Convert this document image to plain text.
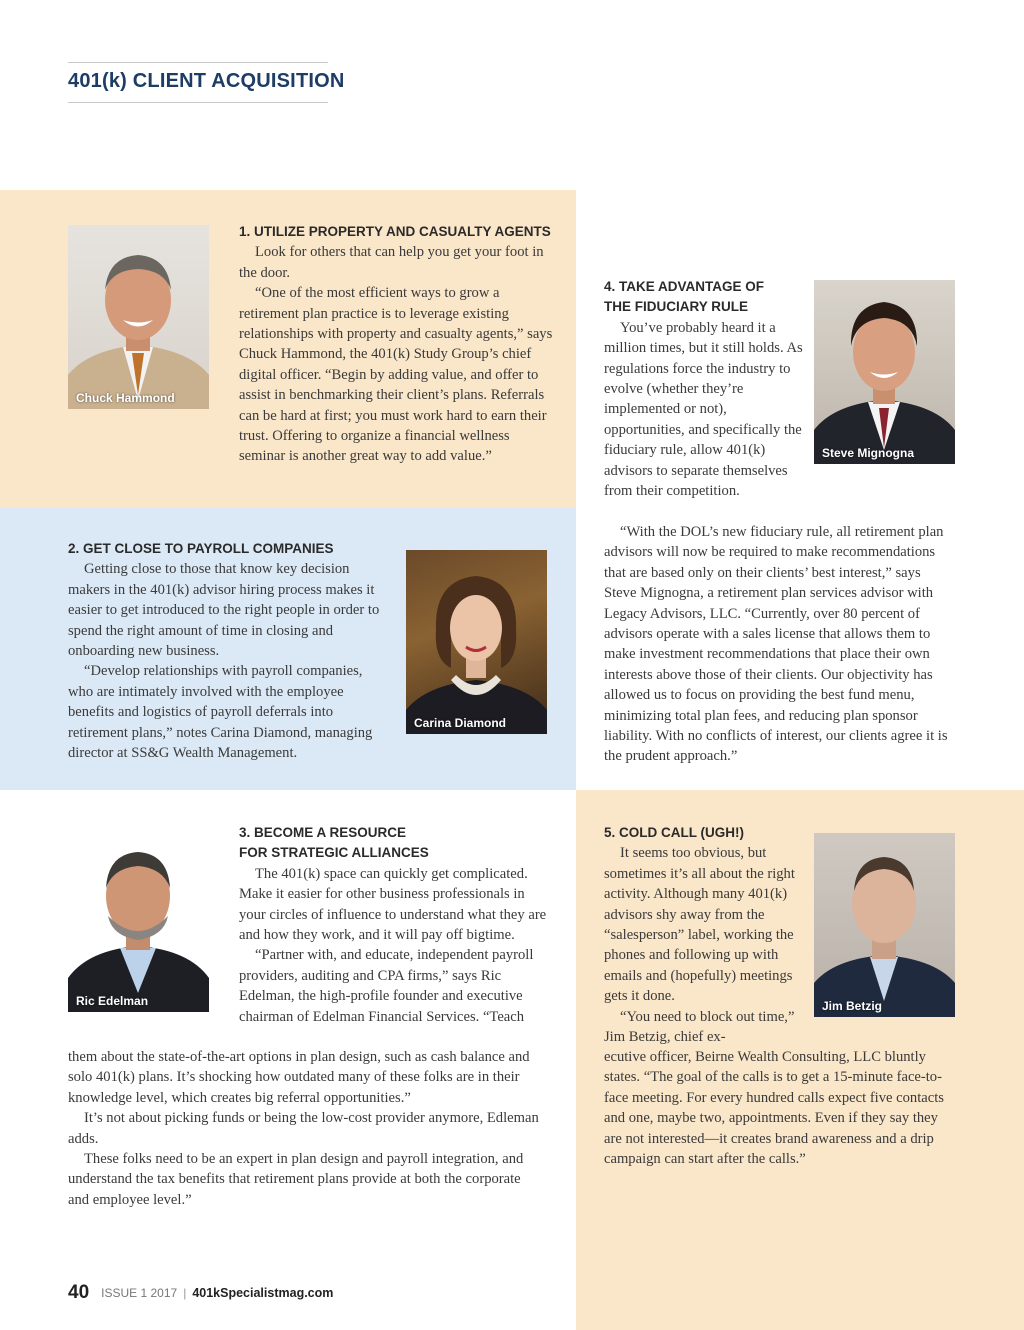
401(k) CLIENT ACQUISITION
Chuck Hammond
1. UTILIZE PROPERTY AND CASUALTY AGENTS

Look for others that can help you get your foot in the door.

“One of the most efficient ways to grow a retirement plan practice is to leverage existing relationships with property and casualty agents,” says Chuck Hammond, the 401(k) Study Group’s chief digital officer. “Begin by adding value, and offer to assist in benchmarking their client’s plans. Referrals can be hard at first; you must work hard to earn their trust. Offering to organize a financial wellness seminar is another great way to add value.”

2. GET CLOSE TO PAYROLL COMPANIES

Getting close to those that know key decision makers in the 401(k) advisor hiring process makes it easier to get introduced to the right people in order to spend the right amount of time in closing and onboarding new business.

“Develop relationships with payroll companies, who are intimately involved with the employee benefits and logistics of payroll deferrals into retirement plans,” notes Carina Diamond, managing director at SS&G Wealth Management.

Carina Diamond
Ric Edelman
3. BECOME A RESOURCE
FOR STRATEGIC ALLIANCES

The 401(k) space can quickly get complicated. Make it easier for other business professionals in your circles of influence to understand what they are and how they work, and it will pay off bigtime.

“Partner with, and educate, independent payroll providers, auditing and CPA firms,” says Ric Edelman, the high-profile founder and executive chairman of Edelman Financial Services. “Teach

them about the state-of-the-art options in plan design, such as cash balance and solo 401(k) plans. It’s shocking how outdated many of these folks are in their knowledge level, which creates big referral opportunities.”

It’s not about picking funds or being the low-cost provider anymore, Edleman adds.

These folks need to be an expert in plan design and payroll integration, and understand the tax benefits that retirement plans provide at both the corporate and employee level.”

4. TAKE ADVANTAGE OF
THE FIDUCIARY RULE

You’ve probably heard it a million times, but it still holds. As regulations force the industry to evolve (whether they’re implemented or not), opportunities, and specifically the fiduciary rule, allow 401(k) advisors to separate themselves from their competition.

Steve Mignogna

“With the DOL’s new fiduciary rule, all retirement plan advisors will now be required to make recommendations that are based only on their clients’ best interest,” says Steve Mignogna, a retirement plan services advisor with Legacy Advisors, LLC. “Currently, over 80 percent of advisors operate with a sales license that allows them to make investment recommendations that place their own interests above those of their clients. Our objectivity has allowed us to focus on providing the best fund menu, minimizing total plan fees, and reducing plan sponsor liability. With no conflicts of interest, our clients agree it is the prudent approach.”

5. COLD CALL (UGH!)

It seems too obvious, but sometimes it’s all about the right activity. Although many 401(k) advisors shy away from the “salesperson” label, working the phones and following up with emails and (hopefully) meetings gets it done.

“You need to block out time,” Jim Betzig, chief ex-

Jim Betzig

ecutive officer, Beirne Wealth Consulting, LLC bluntly states. “The goal of the calls is to get a 15-minute face-to-face meeting. For every hundred calls expect five contacts and one, maybe two, appointments. Even if they say they are not interested—it creates brand awareness and a drip campaign can start after the calls.”

40 ISSUE 1 2017 | 401kSpecialistmag.com
